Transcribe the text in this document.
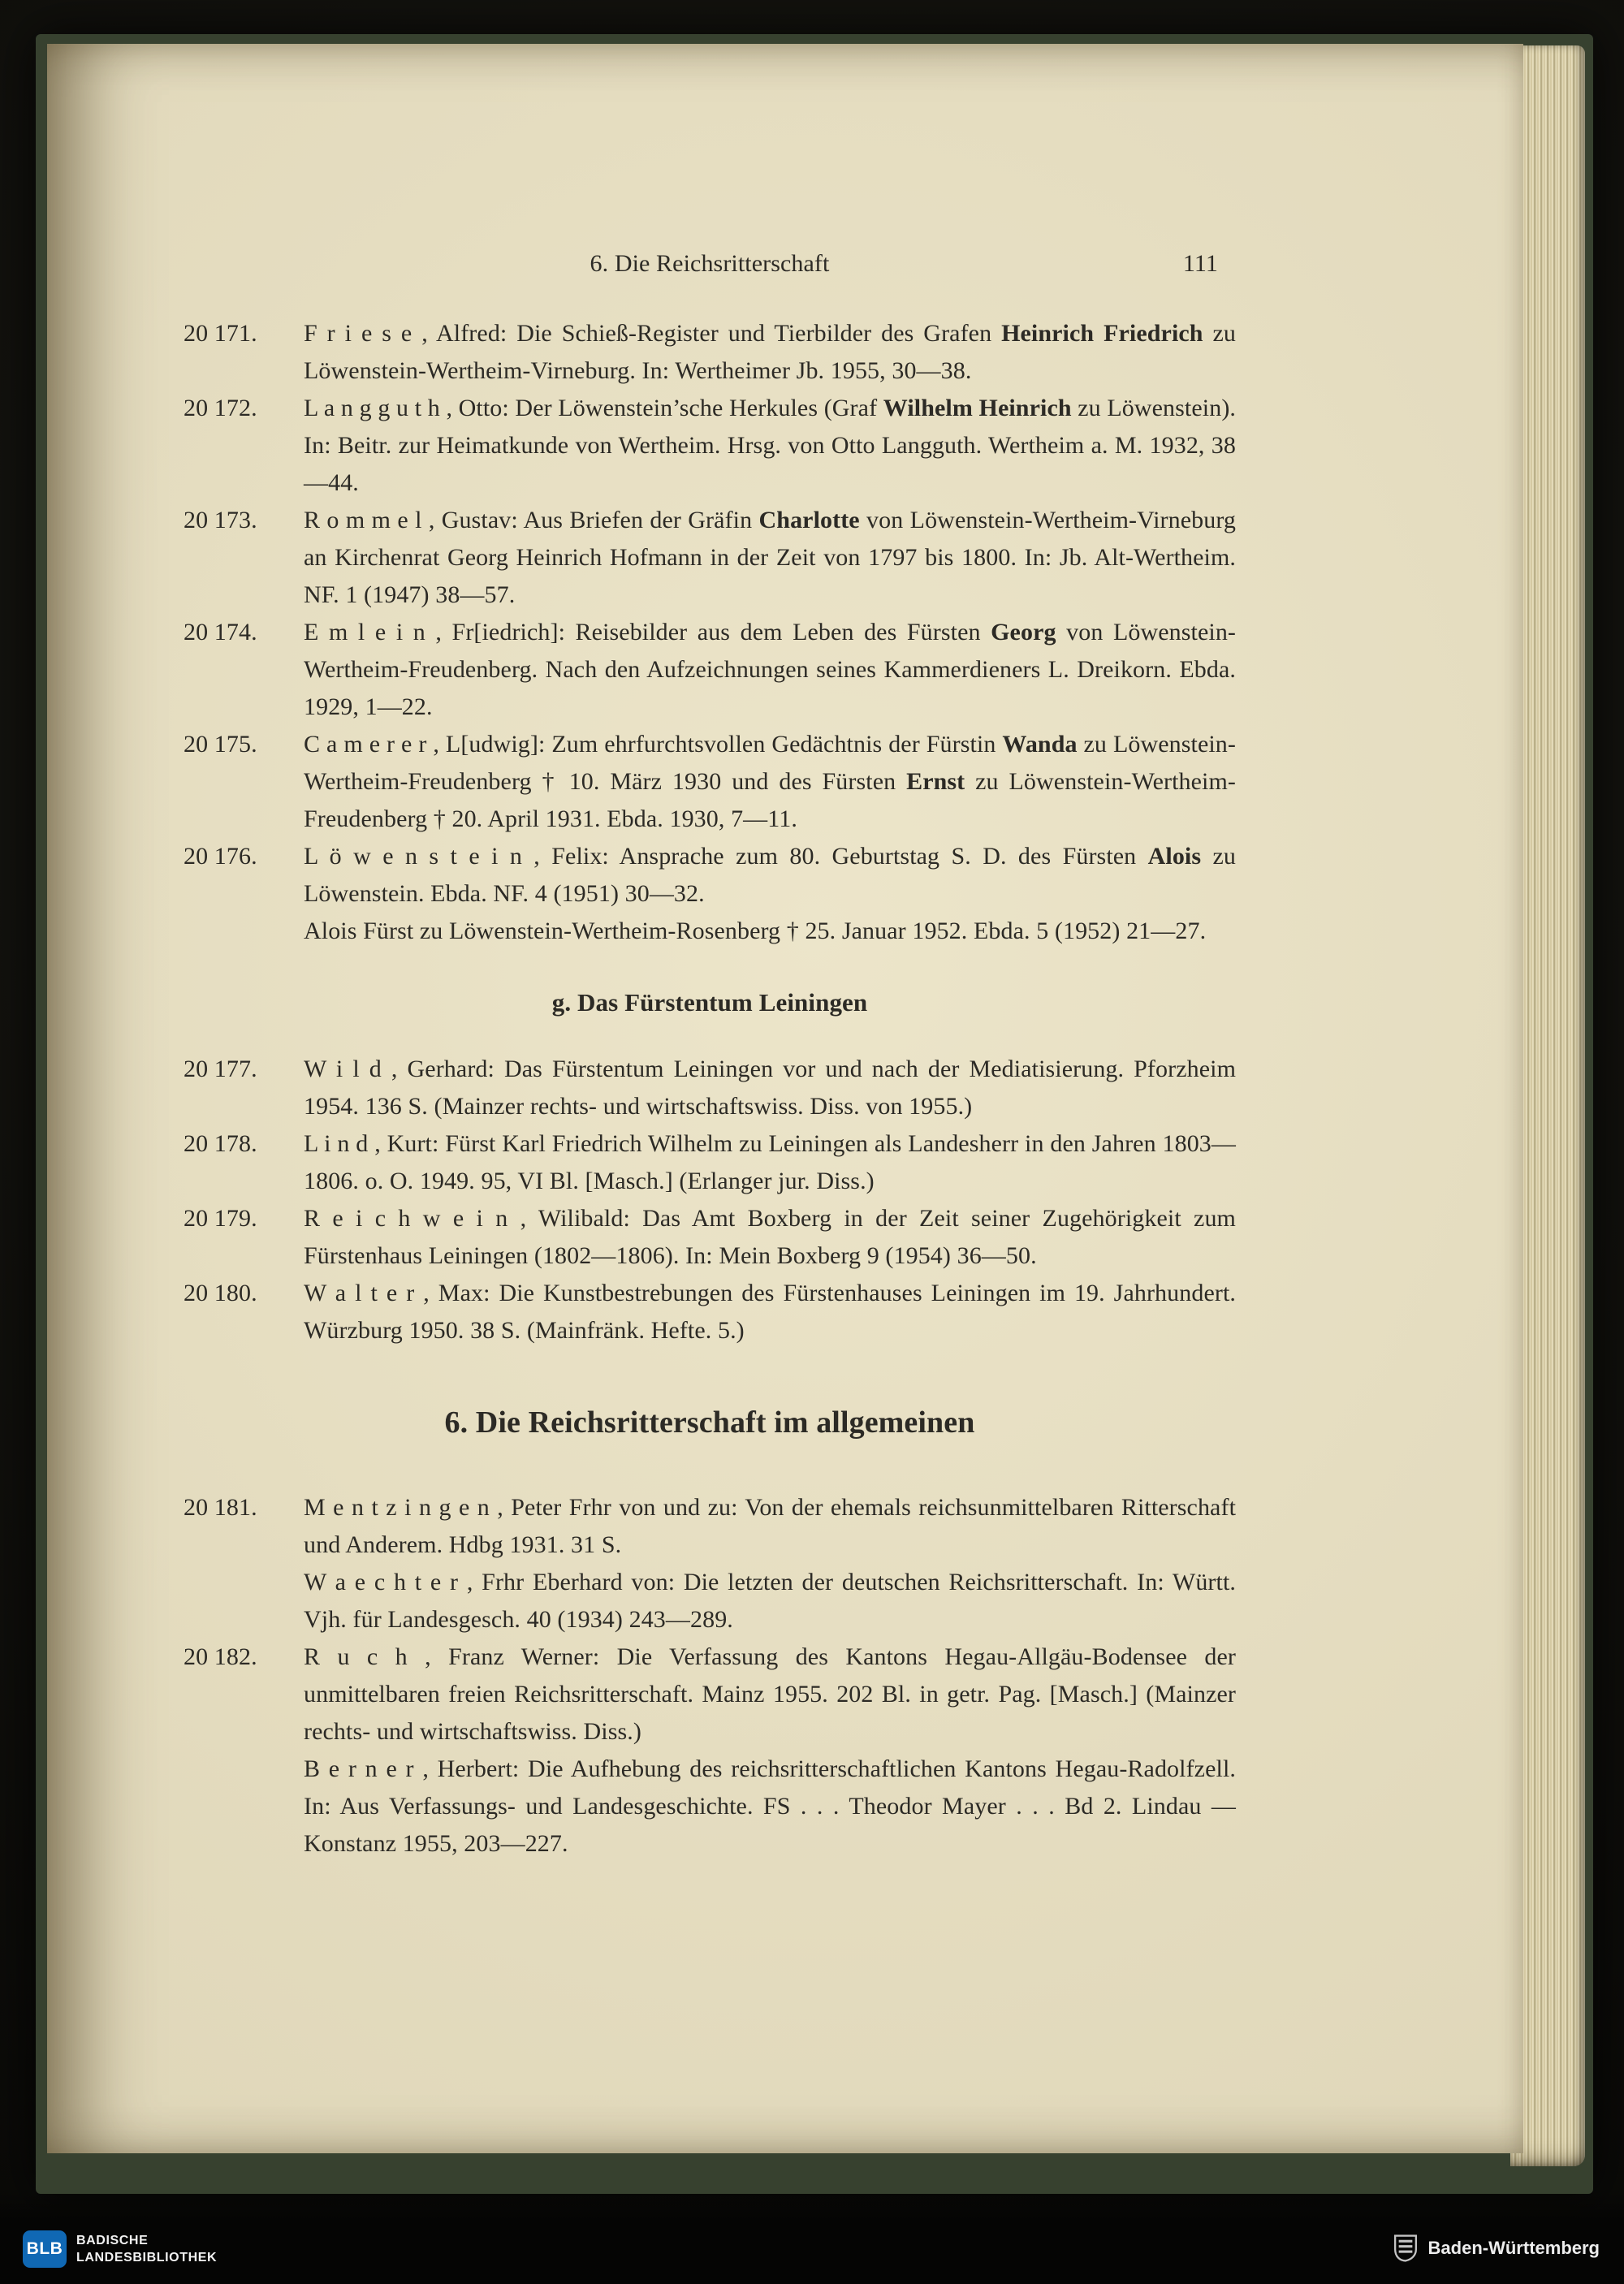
6. Die Reichsritterschaft	111
20 171. F r i e s e , Alfred: Die Schieß-Register und Tierbilder des Grafen Heinrich Friedrich zu Löwenstein-Wertheim-Virneburg. In: Wertheimer Jb. 1955, 30—38.
20 172. L a n g g u t h , Otto: Der Löwenstein’sche Herkules (Graf Wilhelm Heinrich zu Löwenstein). In: Beitr. zur Heimatkunde von Wertheim. Hrsg. von Otto Langguth. Wertheim a. M. 1932, 38—44.
20 173. R o m m e l , Gustav: Aus Briefen der Gräfin Charlotte von Löwenstein-Wertheim-Virneburg an Kirchenrat Georg Heinrich Hofmann in der Zeit von 1797 bis 1800. In: Jb. Alt-Wertheim. NF. 1 (1947) 38—57.
20 174. E m l e i n , Fr[iedrich]: Reisebilder aus dem Leben des Fürsten Georg von Löwenstein-Wertheim-Freudenberg. Nach den Aufzeichnungen seines Kammerdieners L. Dreikorn. Ebda. 1929, 1—22.
20 175. C a m e r e r , L[udwig]: Zum ehrfurchtsvollen Gedächtnis der Fürstin Wanda zu Löwenstein-Wertheim-Freudenberg † 10. März 1930 und des Fürsten Ernst zu Löwenstein-Wertheim-Freudenberg † 20. April 1931. Ebda. 1930, 7—11.
20 176. L ö w e n s t e i n , Felix: Ansprache zum 80. Geburtstag S. D. des Fürsten Alois zu Löwenstein. Ebda. NF. 4 (1951) 30—32.
Alois Fürst zu Löwenstein-Wertheim-Rosenberg † 25. Januar 1952. Ebda. 5 (1952) 21—27.
g. Das Fürstentum Leiningen
20 177. W i l d , Gerhard: Das Fürstentum Leiningen vor und nach der Mediatisierung. Pforzheim 1954. 136 S. (Mainzer rechts- und wirtschaftswiss. Diss. von 1955.)
20 178. L i n d , Kurt: Fürst Karl Friedrich Wilhelm zu Leiningen als Landesherr in den Jahren 1803—1806. o. O. 1949. 95, VI Bl. [Masch.] (Erlanger jur. Diss.)
20 179. R e i c h w e i n , Wilibald: Das Amt Boxberg in der Zeit seiner Zugehörigkeit zum Fürstenhaus Leiningen (1802—1806). In: Mein Boxberg 9 (1954) 36—50.
20 180. W a l t e r , Max: Die Kunstbestrebungen des Fürstenhauses Leiningen im 19. Jahrhundert. Würzburg 1950. 38 S. (Mainfränk. Hefte. 5.)
6. Die Reichsritterschaft im allgemeinen
20 181. M e n t z i n g e n , Peter Frhr von und zu: Von der ehemals reichsunmittelbaren Ritterschaft und Anderem. Hdbg 1931. 31 S.
W a e c h t e r , Frhr Eberhard von: Die letzten der deutschen Reichsritterschaft. In: Württ. Vjh. für Landesgesch. 40 (1934) 243—289.
20 182. R u c h , Franz Werner: Die Verfassung des Kantons Hegau-Allgäu-Bodensee der unmittelbaren freien Reichsritterschaft. Mainz 1955. 202 Bl. in getr. Pag. [Masch.] (Mainzer rechts- und wirtschaftswiss. Diss.)
B e r n e r , Herbert: Die Aufhebung des reichsritterschaftlichen Kantons Hegau-Radolfzell. In: Aus Verfassungs- und Landesgeschichte. FS . . . Theodor Mayer . . . Bd 2. Lindau — Konstanz 1955, 203—227.
BLB BADISCHE
LANDESBIBLIOTHEK	Baden-Württemberg
